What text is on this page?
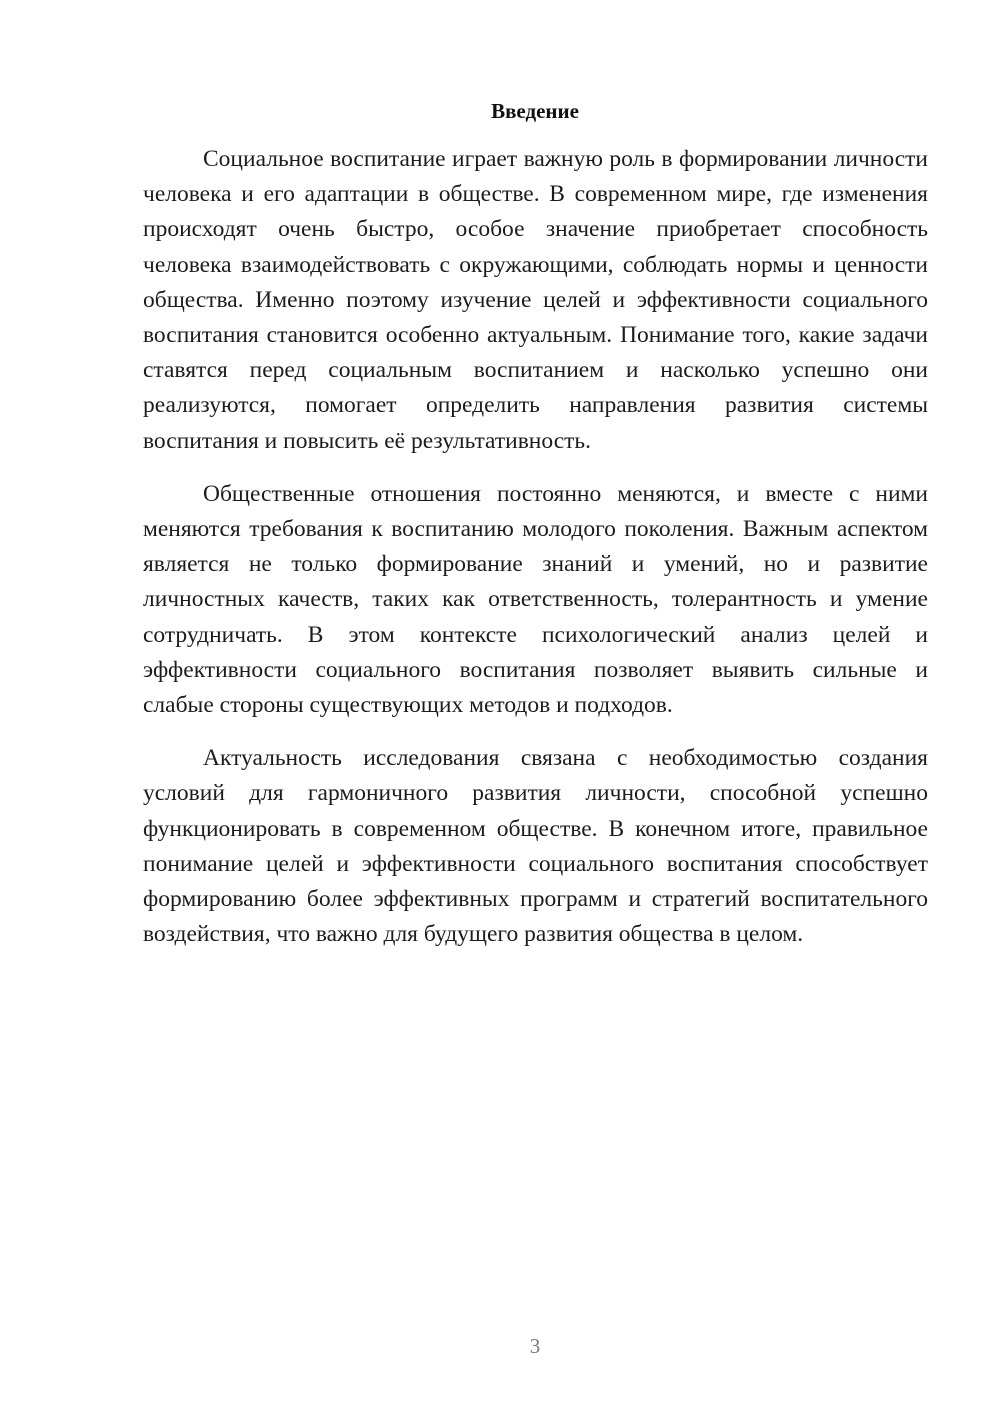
Введение

Социальное воспитание играет важную роль в формировании личности человека и его адаптации в обществе. В современном мире, где изменения происходят очень быстро, особое значение приобретает способность человека взаимодействовать с окружающими, соблюдать нормы и ценности общества. Именно поэтому изучение целей и эффективности социального воспитания становится особенно актуальным. Понимание того, какие задачи ставятся перед социальным воспитанием и насколько успешно они реализуются, помогает определить направления развития системы воспитания и повысить её результативность.

Общественные отношения постоянно меняются, и вместе с ними меняются требования к воспитанию молодого поколения. Важным аспектом является не только формирование знаний и умений, но и развитие личностных качеств, таких как ответственность, толерантность и умение сотрудничать. В этом контексте психологический анализ целей и эффективности социального воспитания позволяет выявить сильные и слабые стороны существующих методов и подходов.

Актуальность исследования связана с необходимостью создания условий для гармоничного развития личности, способной успешно функционировать в современном обществе. В конечном итоге, правильное понимание целей и эффективности социального воспитания способствует формированию более эффективных программ и стратегий воспитательного воздействия, что важно для будущего развития общества в целом.

3
